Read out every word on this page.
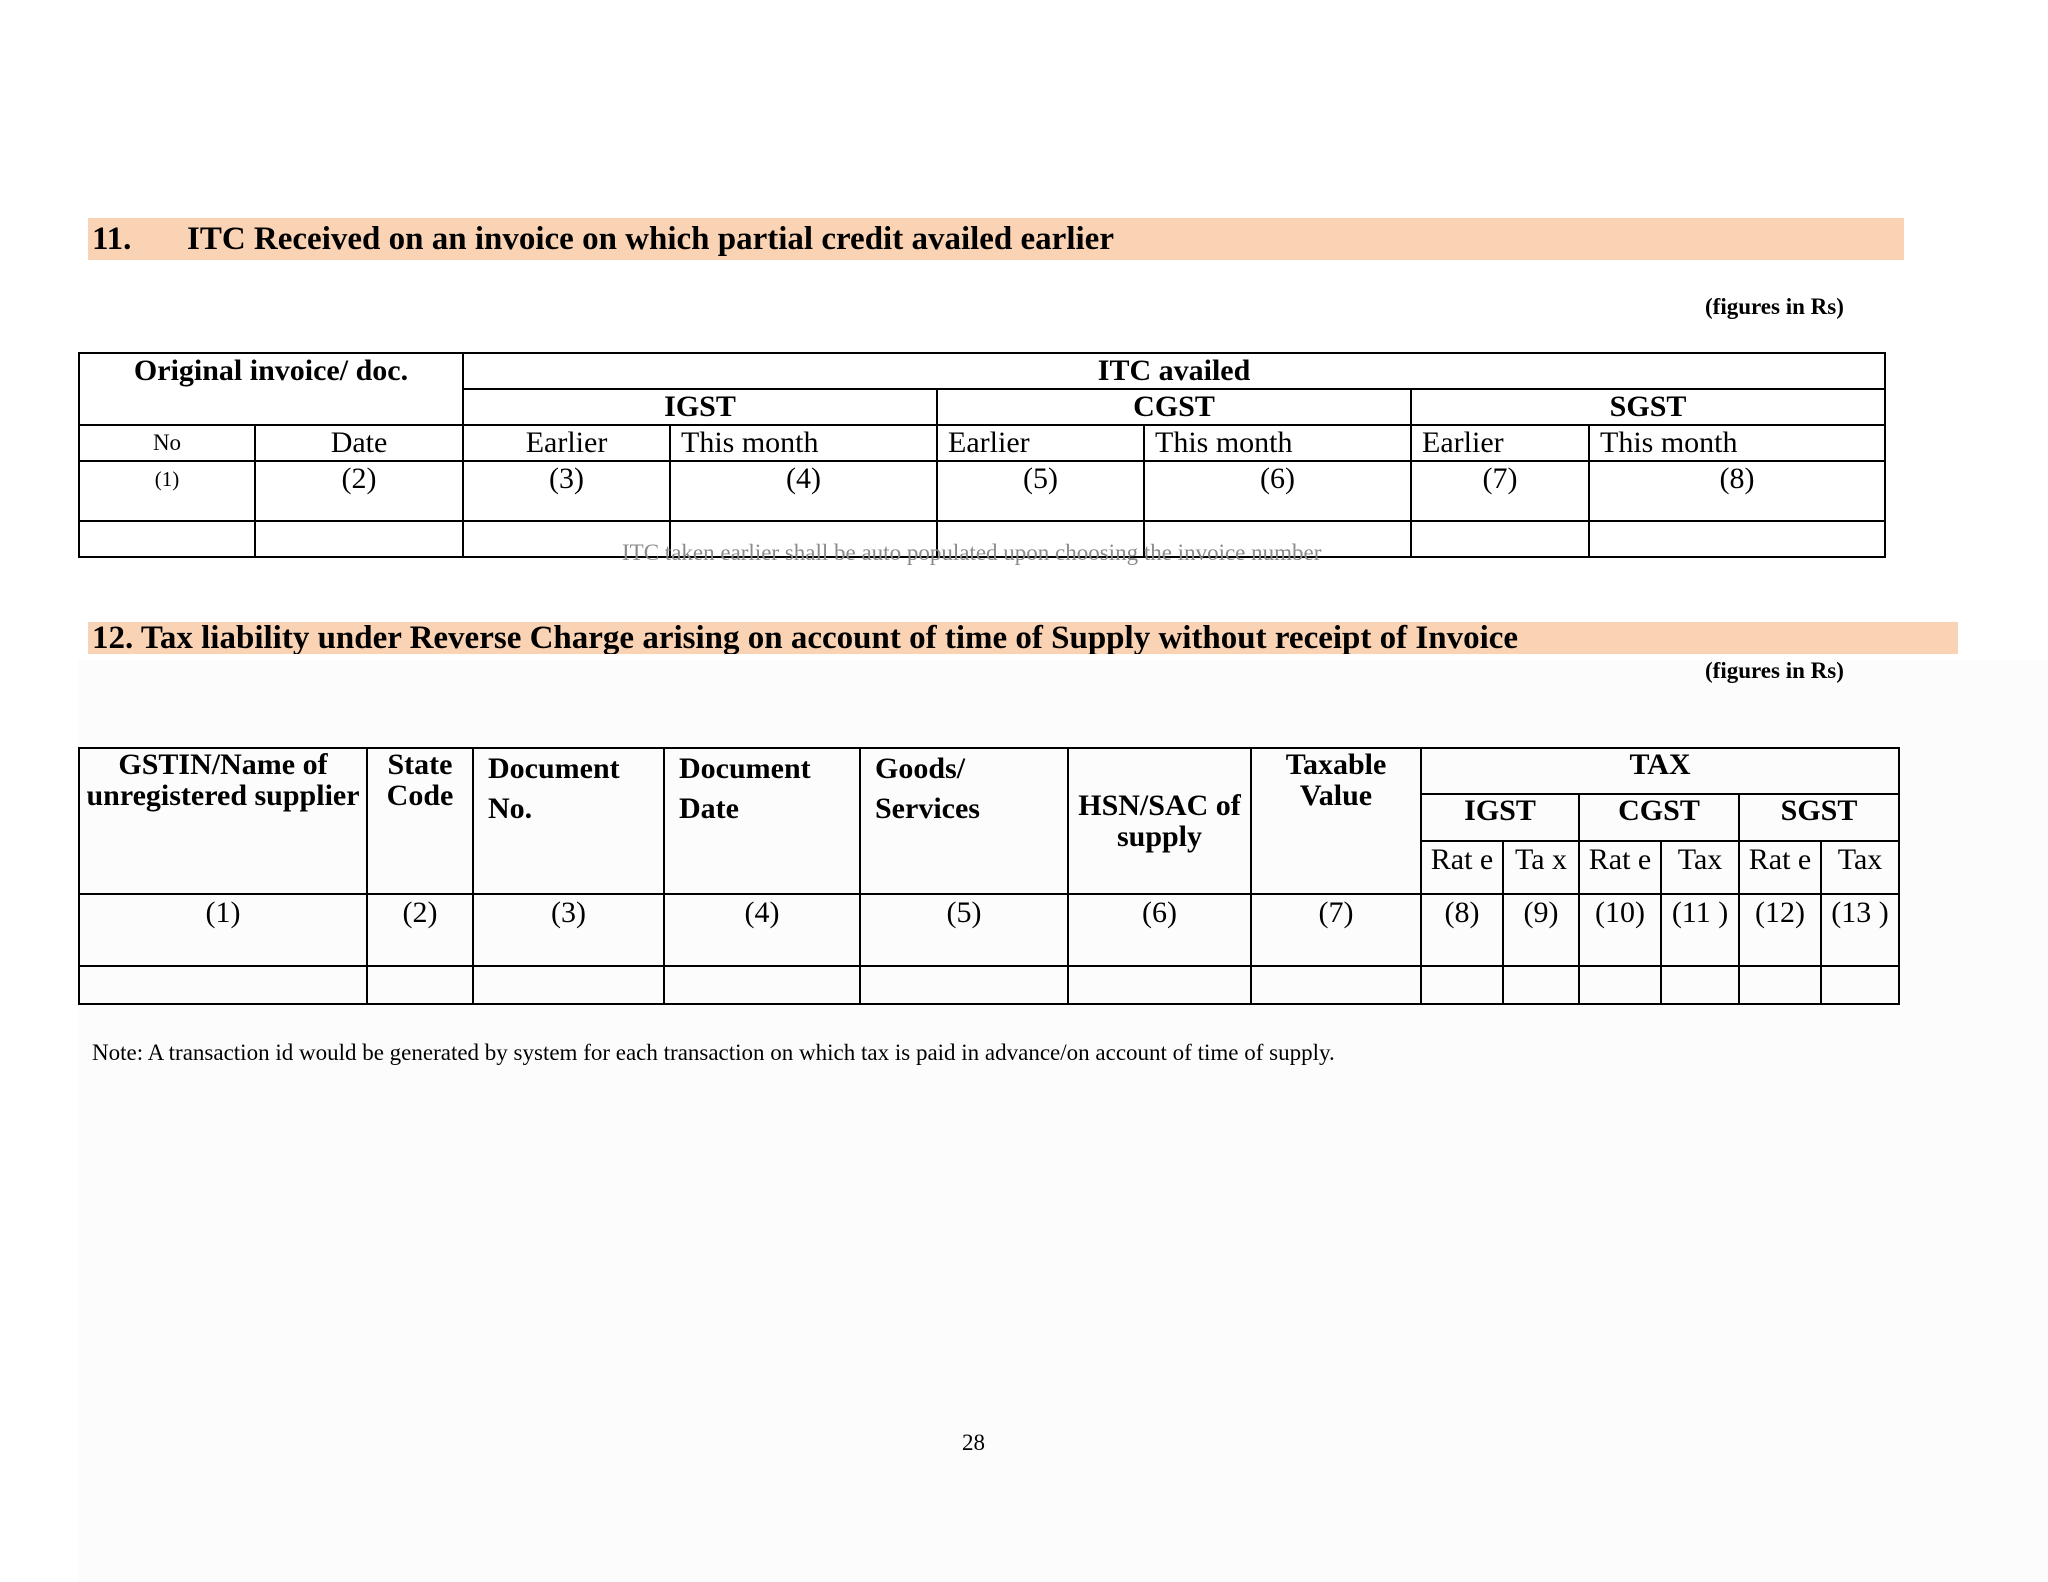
11. ITC Received on an invoice on which partial credit availed earlier
(figures in Rs)
Original invoice/ doc.		ITC availed					
		IGST		CGST		SGST	
No	Date	Earlier	This month	Earlier	This month	Earlier	This month
(1)	(2)	(3)	(4)	(5)	(6)	(7)	(8)

ITC taken earlier shall be auto populated upon choosing the invoice number
12. Tax liability under Reverse Charge arising on account of time of Supply without receipt of Invoice
(figures in Rs)
GSTIN/Name of unregistered supplier	State Code	Document No.	Document Date	Goods/ Services	HSN/SAC of supply	Taxable Value	TAX					
							IGST		CGST		SGST	
							Rat e	Ta x	Rat e	Tax	Rat e	Tax
(1)	(2)	(3)	(4)	(5)	(6)	(7)	(8)	(9)	(10)	(11 )	(12)	(13 )

Note: A transaction id would be generated by system for each transaction on which tax is paid in advance/on account of time of supply.
28
